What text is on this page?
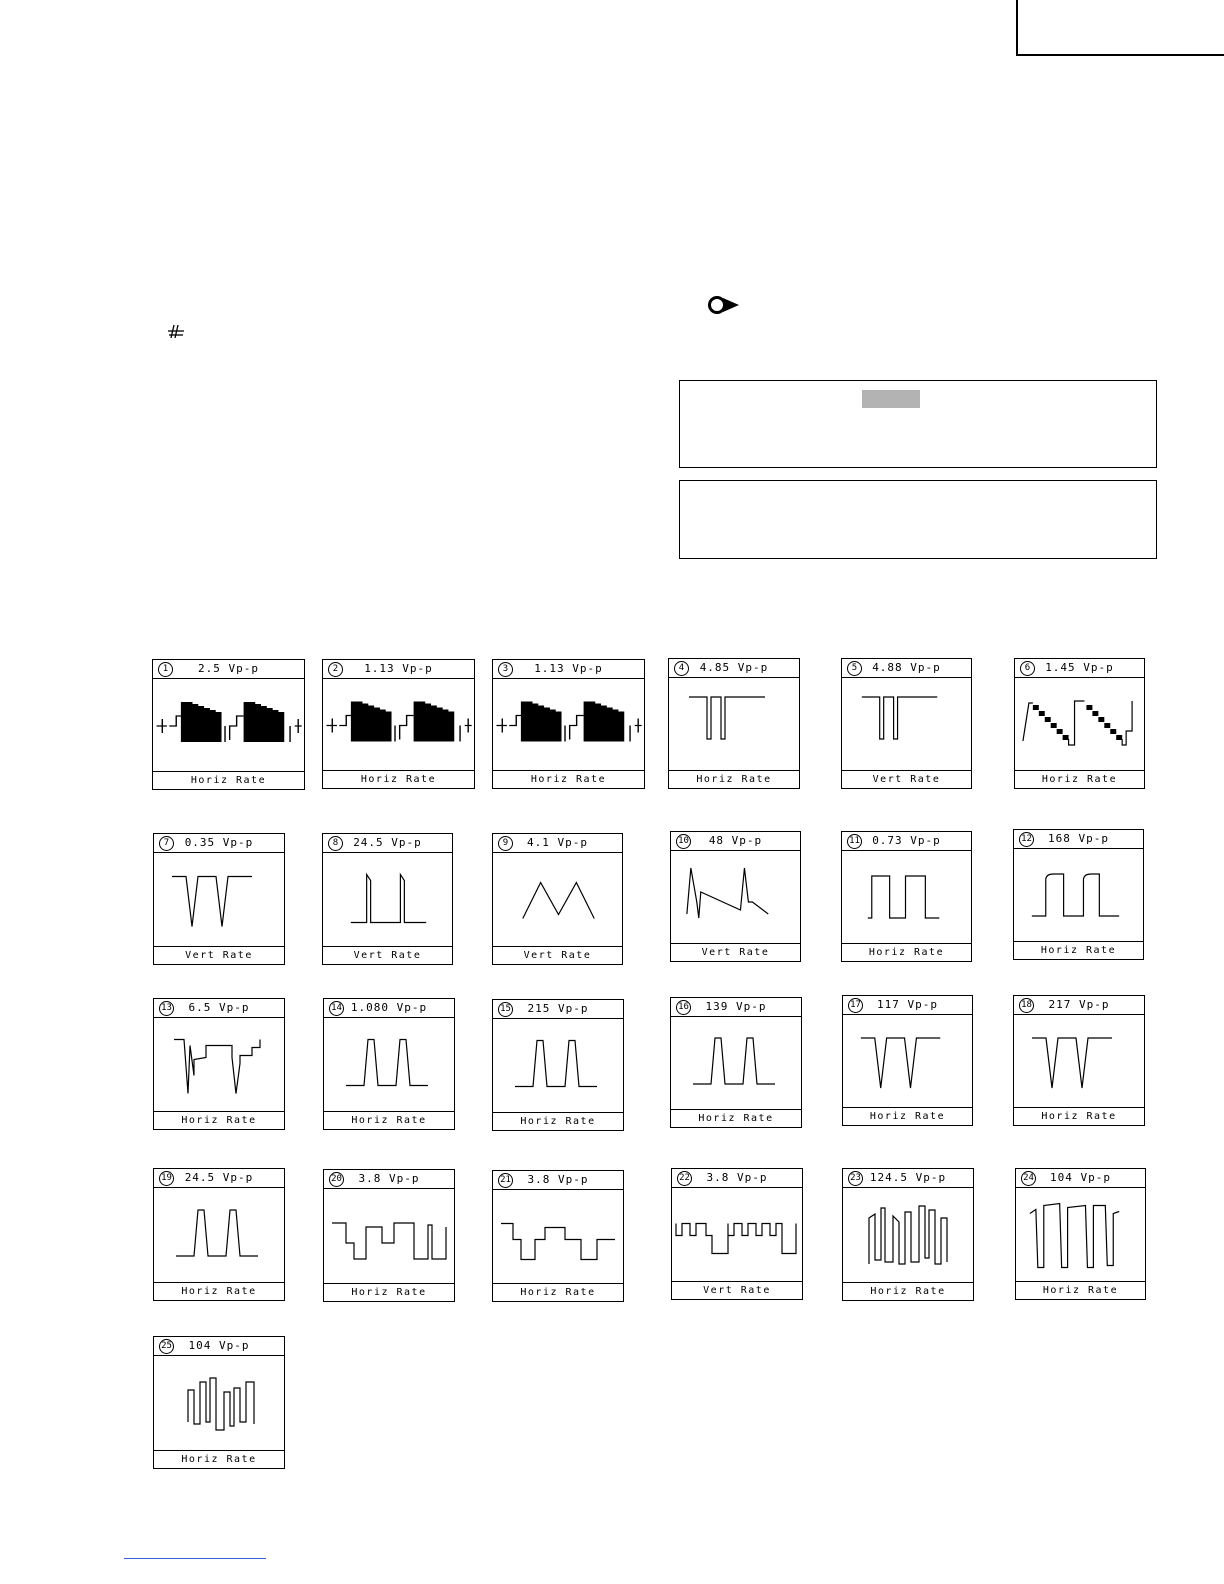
1	2.5 Vp-p
Horiz Rate
2	1.13 Vp-p
Horiz Rate
3	1.13 Vp-p
Horiz Rate
4	4.85 Vp-p
Horiz Rate
5	4.88 Vp-p
Vert Rate
6	1.45 Vp-p
Horiz Rate
7	0.35 Vp-p
Vert Rate
8	24.5 Vp-p
Vert Rate
9	4.1 Vp-p
Vert Rate
10	48 Vp-p
Vert Rate
11	0.73 Vp-p
Horiz Rate
12	168 Vp-p
Horiz Rate
13	6.5 Vp-p
Horiz Rate
14 1.080 Vp-p
Horiz Rate
15	215 Vp-p
Horiz Rate
16	139 Vp-p
Horiz Rate
17	117 Vp-p
Horiz Rate
18	217 Vp-p
Horiz Rate
19	24.5 Vp-p
Horiz Rate
20	3.8 Vp-p
Horiz Rate
21	3.8 Vp-p
Horiz Rate
22	3.8 Vp-p
Vert Rate
23 124.5 Vp-p
Horiz Rate
24	104 Vp-p
Horiz Rate
25	104 Vp-p
Horiz Rate
